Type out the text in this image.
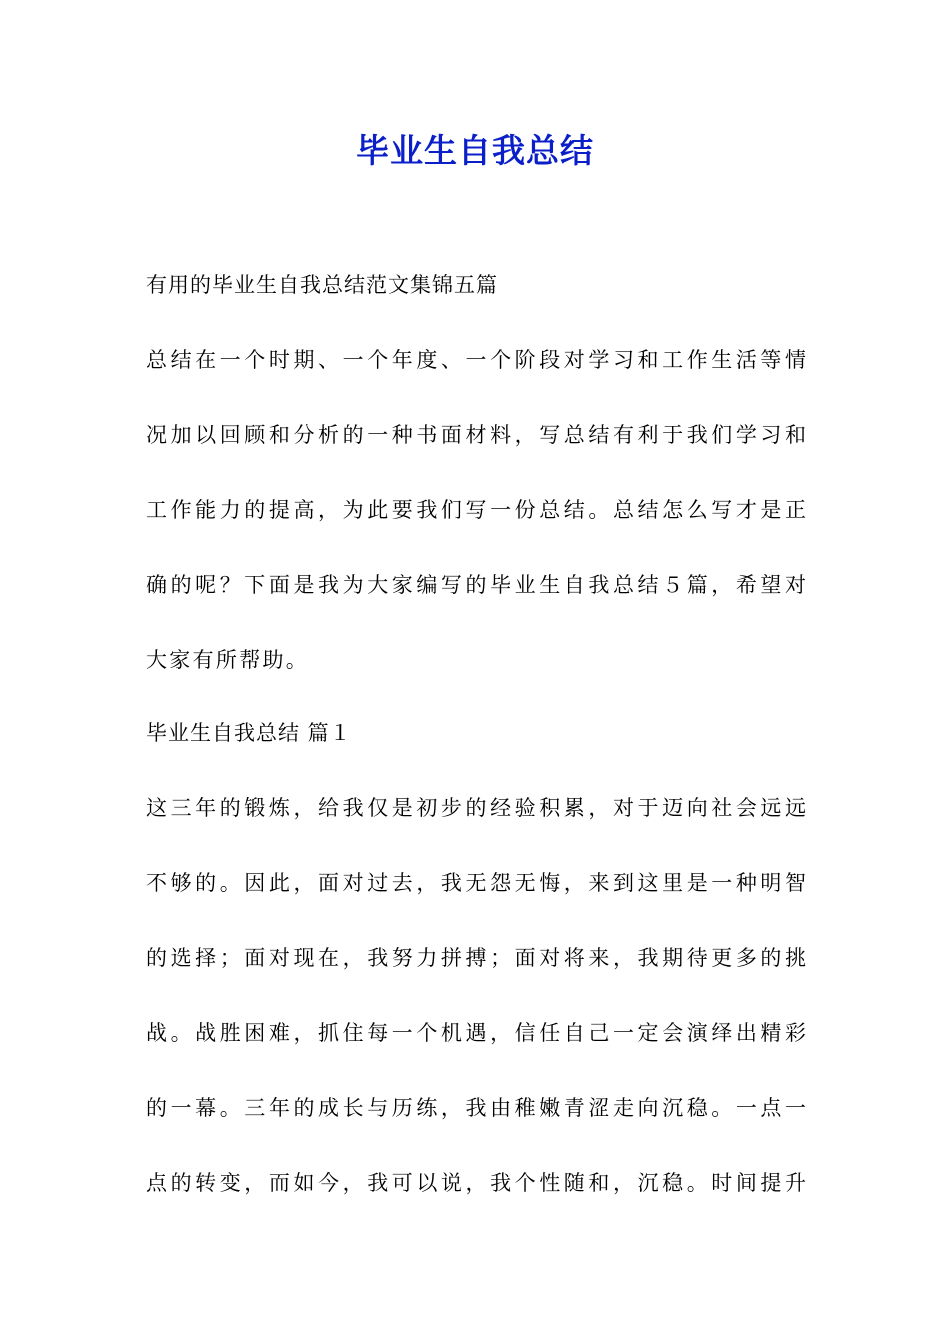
毕业生自我总结

有用的毕业生自我总结范文集锦五篇

总结在一个时期、一个年度、一个阶段对学习和工作生活等情

况加以回顾和分析的一种书面材料，写总结有利于我们学习和

工作能力的提高，为此要我们写一份总结。总结怎么写才是正

确的呢？下面是我为大家编写的毕业生自我总结５篇，希望对

大家有所帮助。

毕业生自我总结 篇１

这三年的锻炼，给我仅是初步的经验积累，对于迈向社会远远

不够的。因此，面对过去，我无怨无悔，来到这里是一种明智

的选择；面对现在，我努力拼搏；面对将来，我期待更多的挑

战。战胜困难，抓住每一个机遇，信任自己一定会演绎出精彩

的一幕。三年的成长与历练，我由稚嫩青涩走向沉稳。一点一

点的转变，而如今，我可以说，我个性随和，沉稳。时间提升
